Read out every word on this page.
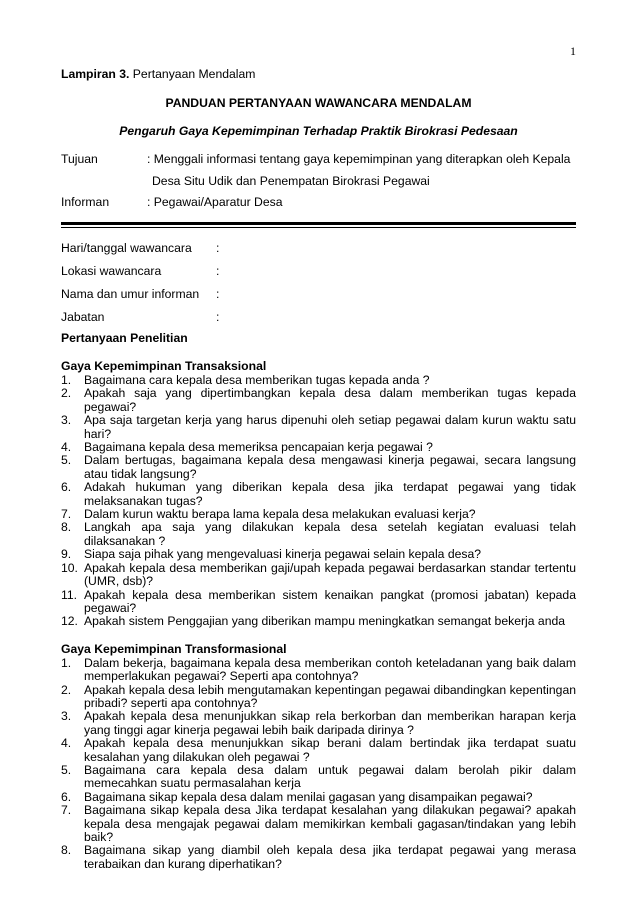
1
Lampiran 3. Pertanyaan Mendalam
PANDUAN PERTANYAAN WAWANCARA MENDALAM
Pengaruh Gaya Kepemimpinan Terhadap Praktik Birokrasi Pedesaan
Tujuan	: Menggali informasi tentang gaya kepemimpinan yang diterapkan oleh Kepala
Desa Situ Udik dan Penempatan Birokrasi Pegawai
Informan	: Pegawai/Aparatur Desa
Hari/tanggal wawancara	:
Lokasi wawancara	:
Nama dan umur informan	:
Jabatan	:
Pertanyaan Penelitian
Gaya Kepemimpinan Transaksional
1.	Bagaimana cara kepala desa memberikan tugas kepada anda ?
2.	Apakah saja yang dipertimbangkan kepala desa dalam memberikan tugas kepada pegawai?
3.	Apa saja targetan kerja yang harus dipenuhi oleh setiap pegawai dalam kurun waktu satu hari?
4.	Bagaimana kepala desa memeriksa pencapaian kerja pegawai ?
5.	Dalam bertugas, bagaimana kepala desa mengawasi kinerja pegawai, secara langsung atau tidak langsung?
6.	Adakah hukuman yang diberikan kepala desa jika terdapat pegawai yang tidak melaksanakan tugas?
7.	Dalam kurun waktu berapa lama kepala desa melakukan evaluasi kerja?
8.	Langkah apa saja yang dilakukan kepala desa setelah kegiatan evaluasi telah dilaksanakan ?
9.	Siapa saja pihak yang mengevaluasi kinerja pegawai selain kepala desa?
10. Apakah kepala desa memberikan gaji/upah kepada pegawai berdasarkan standar tertentu (UMR, dsb)?
11. Apakah kepala desa memberikan sistem kenaikan pangkat (promosi jabatan) kepada pegawai?
12. Apakah sistem Penggajian yang diberikan mampu meningkatkan semangat bekerja anda
Gaya Kepemimpinan Transformasional
1.	Dalam bekerja, bagaimana kepala desa memberikan contoh keteladanan yang baik dalam memperlakukan pegawai? Seperti apa contohnya?
2.	Apakah kepala desa lebih mengutamakan kepentingan pegawai dibandingkan kepentingan pribadi? seperti apa contohnya?
3.	Apakah kepala desa menunjukkan sikap rela berkorban dan memberikan harapan kerja yang tinggi agar kinerja pegawai lebih baik daripada dirinya ?
4.	Apakah kepala desa menunjukkan sikap berani dalam bertindak jika terdapat suatu kesalahan yang dilakukan oleh pegawai ?
5.	Bagaimana cara kepala desa dalam untuk pegawai dalam berolah pikir dalam memecahkan suatu permasalahan kerja
6.	Bagaimana sikap kepala desa dalam menilai gagasan yang disampaikan pegawai?
7.	Bagaimana sikap kepala desa Jika terdapat kesalahan yang dilakukan pegawai? apakah kepala desa mengajak pegawai dalam memikirkan kembali gagasan/tindakan yang lebih baik?
8.	Bagaimana sikap yang diambil oleh kepala desa jika terdapat pegawai yang merasa terabaikan dan kurang diperhatikan?
